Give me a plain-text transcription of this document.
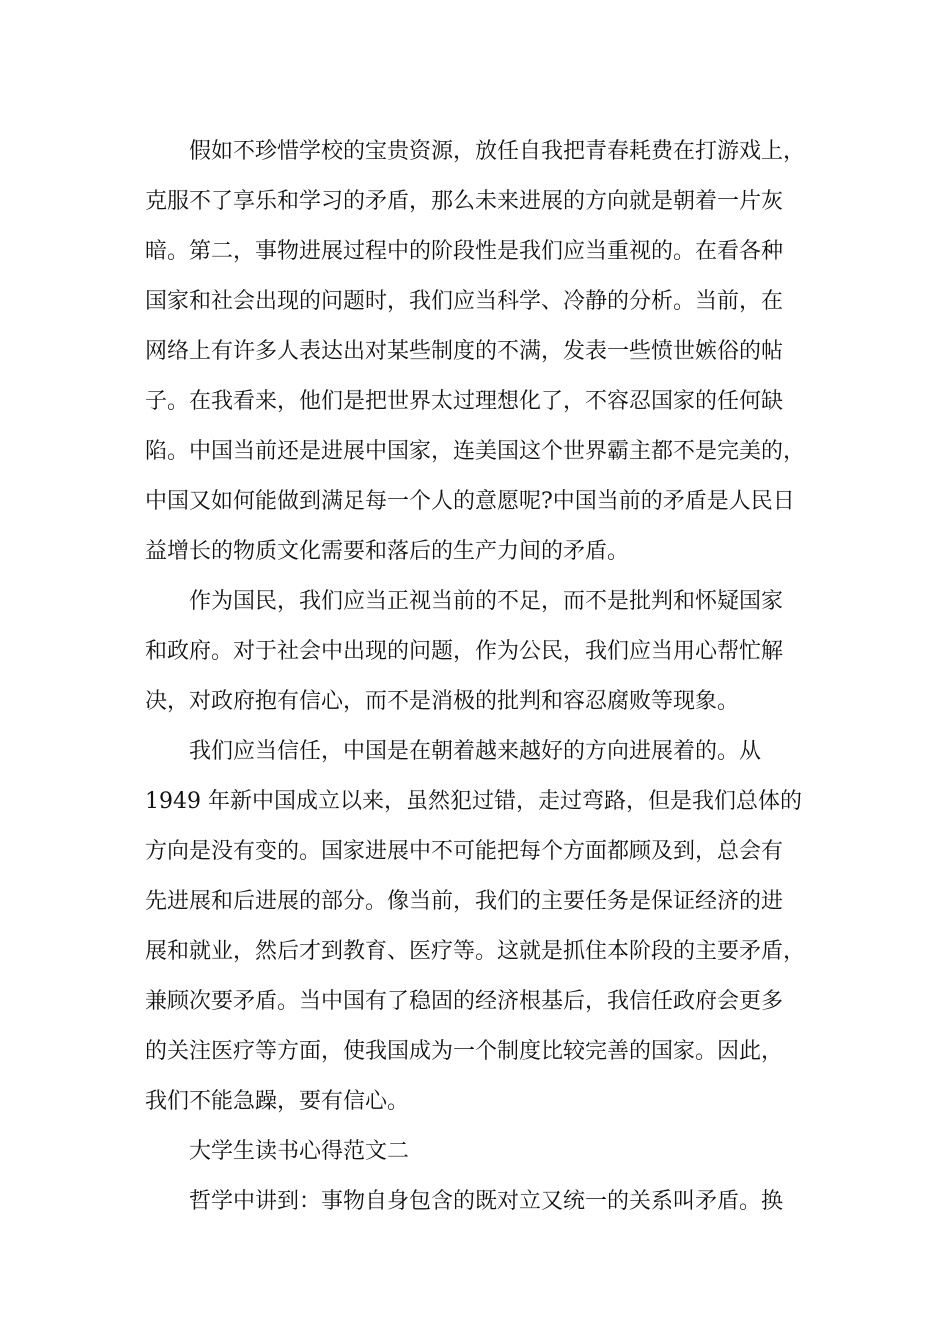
假如不珍惜学校的宝贵资源，放任自我把青春耗费在打游戏上，
克服不了享乐和学习的矛盾，那么未来进展的方向就是朝着一片灰
暗。第二，事物进展过程中的阶段性是我们应当重视的。在看各种
国家和社会出现的问题时，我们应当科学、冷静的分析。当前，在
网络上有许多人表达出对某些制度的不满，发表一些愤世嫉俗的帖
子。在我看来，他们是把世界太过理想化了，不容忍国家的任何缺
陷。中国当前还是进展中国家，连美国这个世界霸主都不是完美的，
中国又如何能做到满足每一个人的意愿呢?中国当前的矛盾是人民日
益增长的物质文化需要和落后的生产力间的矛盾。
作为国民，我们应当正视当前的不足，而不是批判和怀疑国家
和政府。对于社会中出现的问题，作为公民，我们应当用心帮忙解
决，对政府抱有信心，而不是消极的批判和容忍腐败等现象。
我们应当信任，中国是在朝着越来越好的方向进展着的。从
1949 年新中国成立以来，虽然犯过错，走过弯路，但是我们总体的
方向是没有变的。国家进展中不可能把每个方面都顾及到，总会有
先进展和后进展的部分。像当前，我们的主要任务是保证经济的进
展和就业，然后才到教育、医疗等。这就是抓住本阶段的主要矛盾，
兼顾次要矛盾。当中国有了稳固的经济根基后，我信任政府会更多
的关注医疗等方面，使我国成为一个制度比较完善的国家。因此，
我们不能急躁，要有信心。
大学生读书心得范文二
哲学中讲到：事物自身包含的既对立又统一的关系叫矛盾。换
